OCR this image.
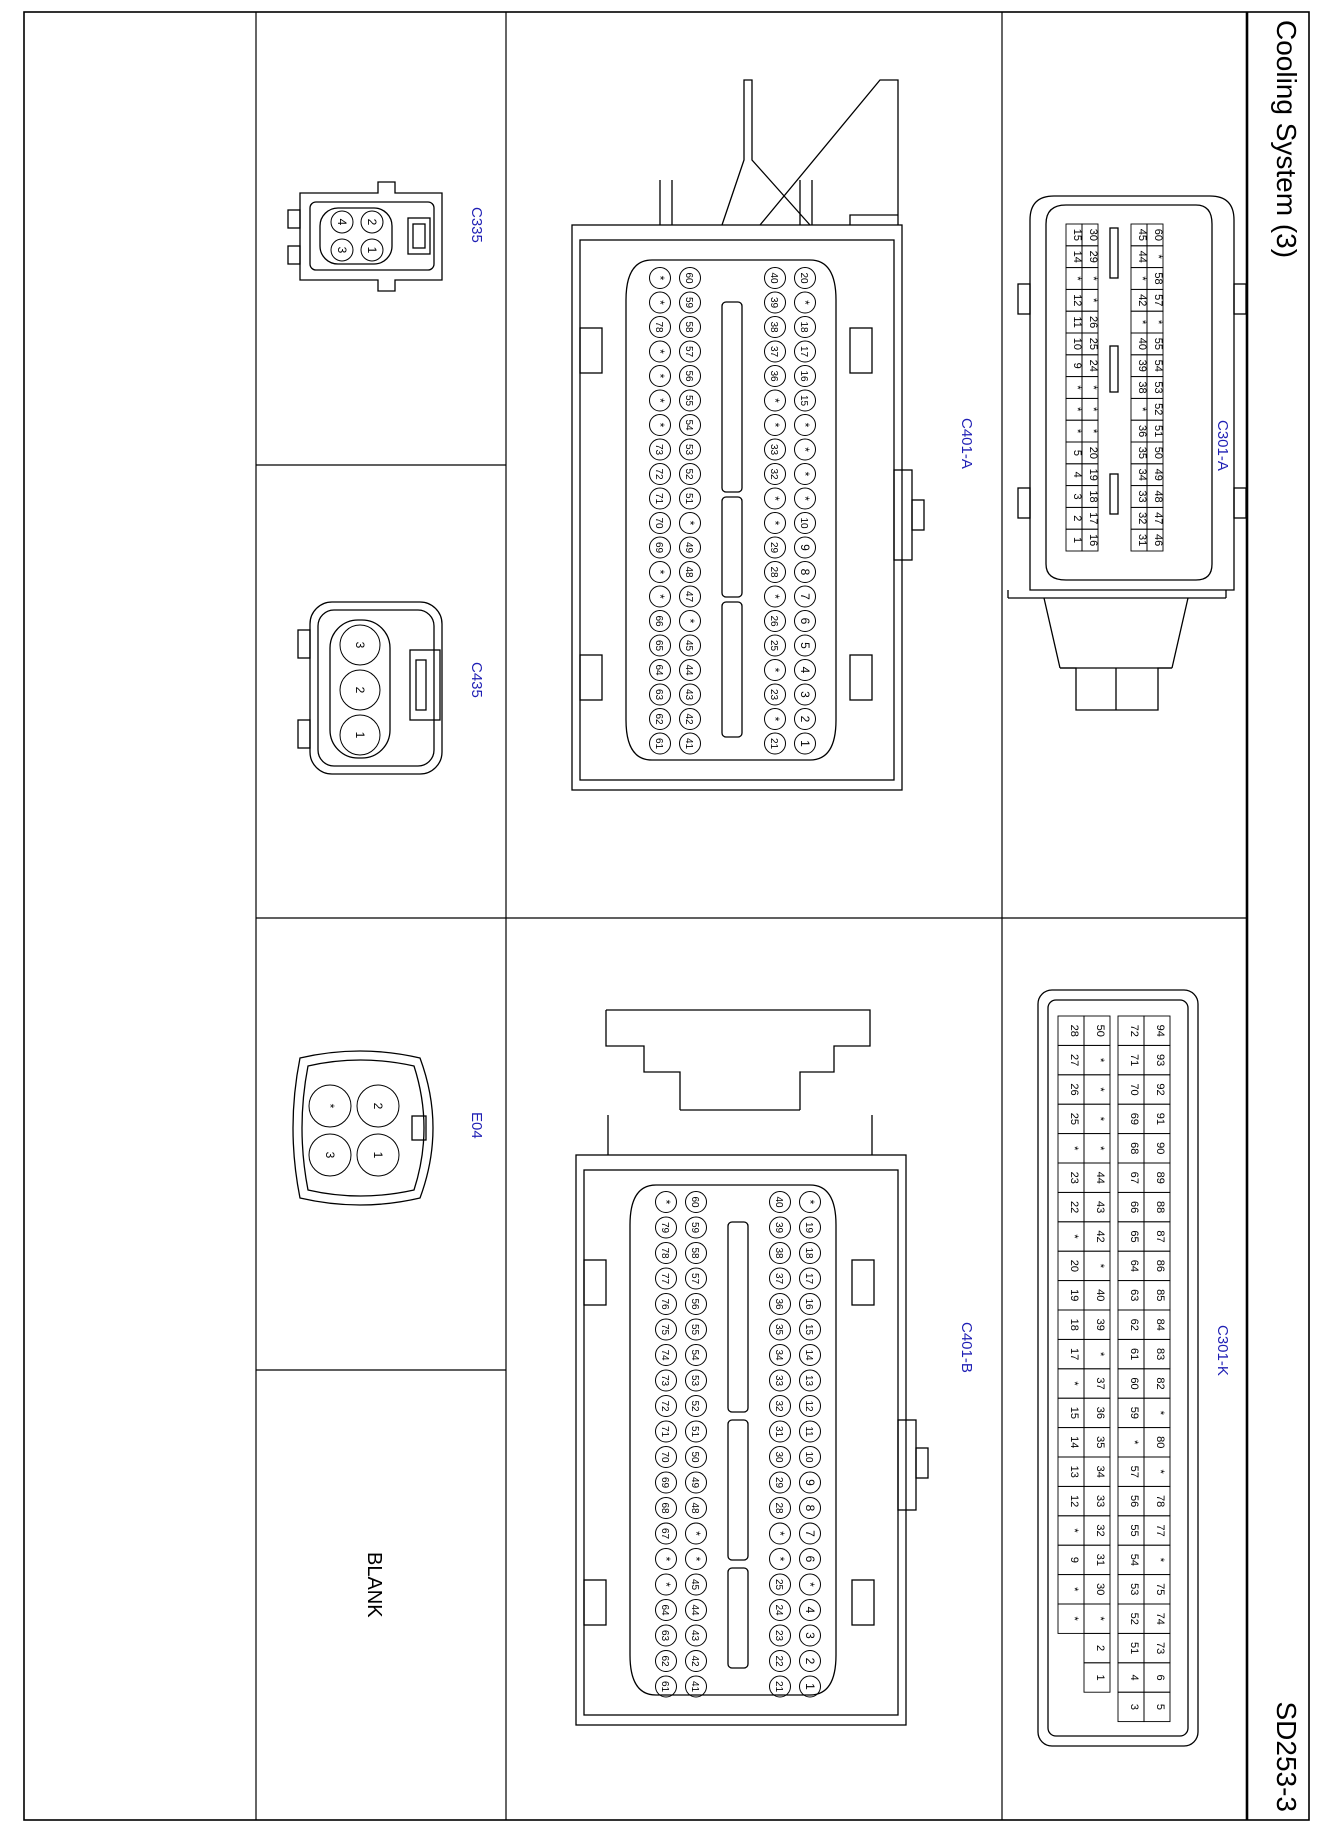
Cooling System (3)
SD253-3
C335
C435
E04
C401-A
C401-B
C301-A
C301-K
BLANK
2
1
4
3
3
2
1
2
1
*
3
20
*
18
17
16
15
*
*
*
*
10
9
8
7
6
5
4
3
2
1
40
39
38
37
36
*
*
33
32
*
*
29
28
*
26
25
*
23
*
21
60
59
58
57
56
55
54
53
52
51
*
49
48
47
*
45
44
43
42
41
*
*
78
*
*
*
*
73
72
71
70
69
*
*
66
65
64
63
62
61
*
19
18
17
16
15
14
13
12
11
10
9
8
7
6
*
4
3
2
1
40
39
38
37
36
35
34
33
32
31
30
29
28
*
*
25
24
23
22
21
60
59
58
57
56
55
54
53
52
51
50
49
48
*
*
45
44
43
42
41
*
79
78
77
76
75
74
73
72
71
70
69
68
67
*
*
64
63
62
61
60
*
58
57
*
55
54
53
52
51
50
49
48
47
46
45
44
*
42
*
40
39
38
*
36
35
34
33
32
31
30
29
*
*
26
25
24
*
*
*
20
19
18
17
16
15
14
*
12
11
10
9
*
*
*
5
4
3
2
1
94
93
92
91
90
89
88
87
86
85
84
83
82
*
80
*
78
77
*
75
74
73
6
5
72
71
70
69
68
67
66
65
64
63
62
61
60
59
*
57
56
55
54
53
52
51
4
3
50
*
*
*
*
44
43
42
*
40
39
*
37
36
35
34
33
32
31
30
*
2
1
28
27
26
25
*
23
22
*
20
19
18
17
*
15
14
13
12
*
9
*
*
